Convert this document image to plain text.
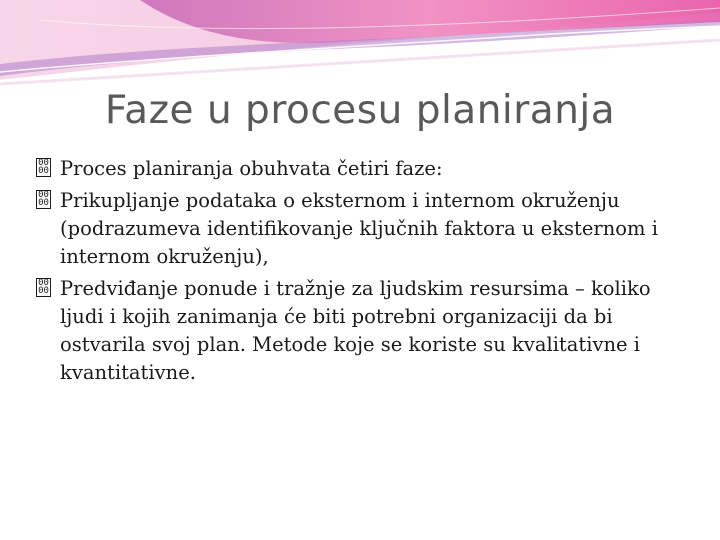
Faze u procesu planiranja

00
00 Proces planiranja obuhvata četiri faze:

00
00 Prikupljanje podataka o eksternom i internom okruženju (podrazumeva identifikovanje ključnih faktora u eksternom i internom okruženju),

00
00 Predviđanje ponude i tražnje za ljudskim resursima – koliko ljudi i kojih zanimanja će biti potrebni organizaciji da bi ostvarila svoj plan. Metode koje se koriste su kvalitativne i kvantitativne.
